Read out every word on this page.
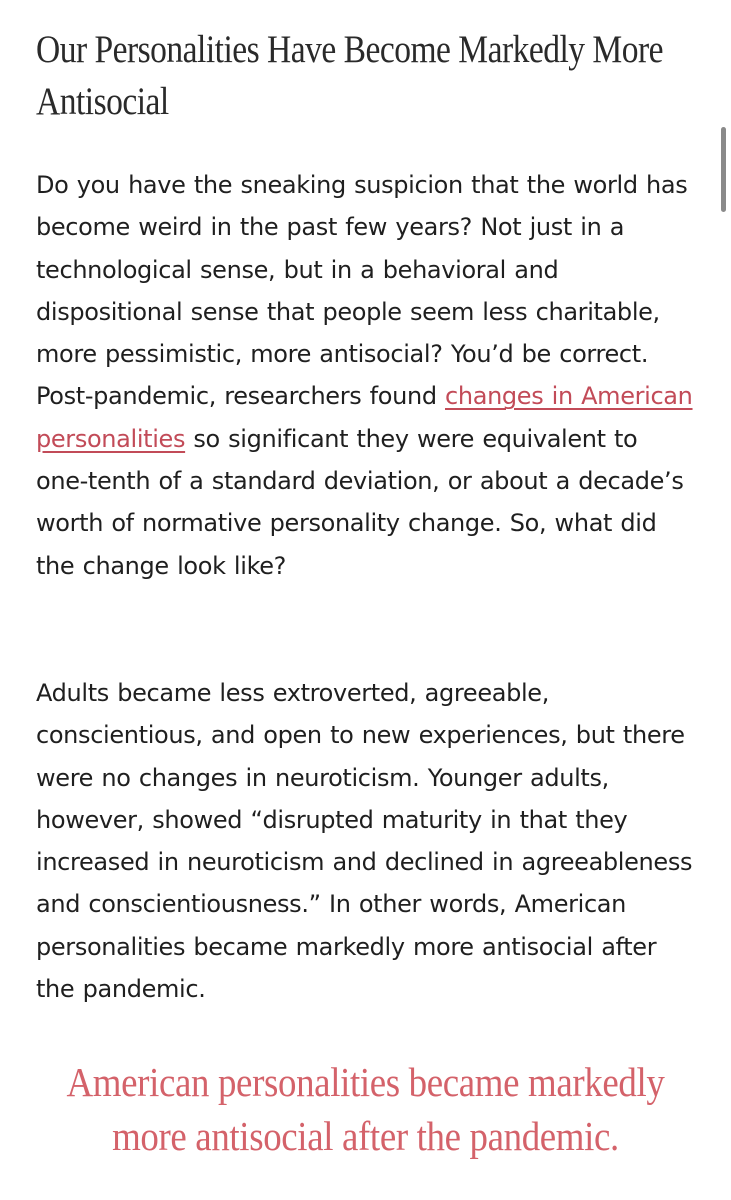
Our Personalities Have Become Markedly More Antisocial

Do you have the sneaking suspicion that the world has become weird in the past few years? Not just in a technological sense, but in a behavioral and dispositional sense that people seem less charitable, more pessimistic, more antisocial? You’d be correct. Post-pandemic, researchers found changes in American personalities so significant they were equivalent to one-tenth of a standard deviation, or about a decade’s worth of normative personality change. So, what did the change look like?

Adults became less extroverted, agreeable, conscientious, and open to new experiences, but there were no changes in neuroticism. Younger adults, however, showed “disrupted maturity in that they increased in neuroticism and declined in agreeableness and conscientiousness.” In other words, American personalities became markedly more antisocial after the pandemic.

American personalities became markedly more antisocial after the pandemic.
